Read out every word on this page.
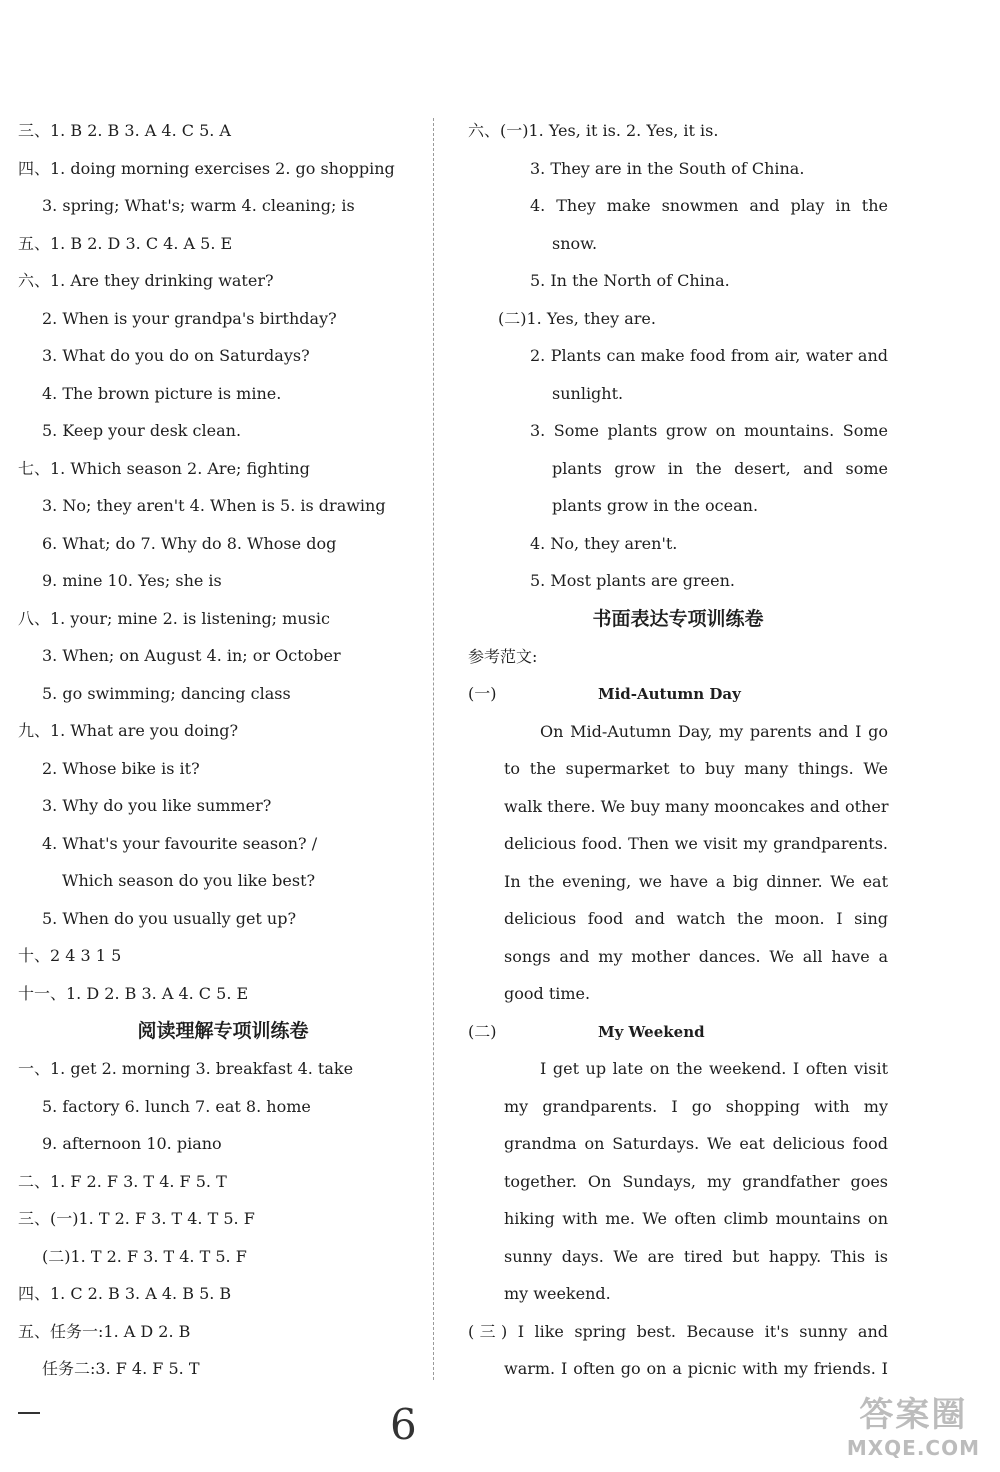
三、1. B 2. B 3. A 4. C 5. A
四、1. doing morning exercises 2. go shopping
3. spring; What's; warm 4. cleaning; is
五、1. B 2. D 3. C 4. A 5. E
六、1. Are they drinking water?
2. When is your grandpa's birthday?
3. What do you do on Saturdays?
4. The brown picture is mine.
5. Keep your desk clean.
七、1. Which season 2. Are; fighting
3. No; they aren't 4. When is 5. is drawing
6. What; do 7. Why do 8. Whose dog
9. mine 10. Yes; she is
八、1. your; mine 2. is listening; music
3. When; on August 4. in; or October
5. go swimming; dancing class
九、1. What are you doing?
2. Whose bike is it?
3. Why do you like summer?
4. What's your favourite season? /
Which season do you like best?
5. When do you usually get up?
十、2 4 3 1 5
十一、1. D 2. B 3. A 4. C 5. E
阅读理解专项训练卷
一、1. get 2. morning 3. breakfast 4. take
5. factory 6. lunch 7. eat 8. home
9. afternoon 10. piano
二、1. F 2. F 3. T 4. F 5. T
三、(一)1. T 2. F 3. T 4. T 5. F
(二)1. T 2. F 3. T 4. T 5. F
四、1. C 2. B 3. A 4. B 5. B
五、任务一:1. A D 2. B
任务二:3. F 4. F 5. T
六、(一)1. Yes, it is. 2. Yes, it is.
3. They are in the South of China.
4. They make snowmen and play in the
snow.
5. In the North of China.
(二)1. Yes, they are.
2. Plants can make food from air, water and
sunlight.
3. Some plants grow on mountains. Some
plants grow in the desert, and some
plants grow in the ocean.
4. No, they aren't.
5. Most plants are green.
书面表达专项训练卷
参考范文:
(一)	Mid-Autumn Day
On Mid-Autumn Day, my parents and I go
to the supermarket to buy many things. We
walk there. We buy many mooncakes and other
delicious food. Then we visit my grandparents.
In the evening, we have a big dinner. We eat
delicious food and watch the moon. I sing
songs and my mother dances. We all have a
good time.
(二)	My Weekend
I get up late on the weekend. I often visit
my grandparents. I go shopping with my
grandma on Saturdays. We eat delicious food
together. On Sundays, my grandfather goes
hiking with me. We often climb mountains on
sunny days. We are tired but happy. This is
my weekend.
(三) I like spring best. Because it's sunny and
warm. I often go on a picnic with my friends. I
6	答案圈
MXQE.COM
